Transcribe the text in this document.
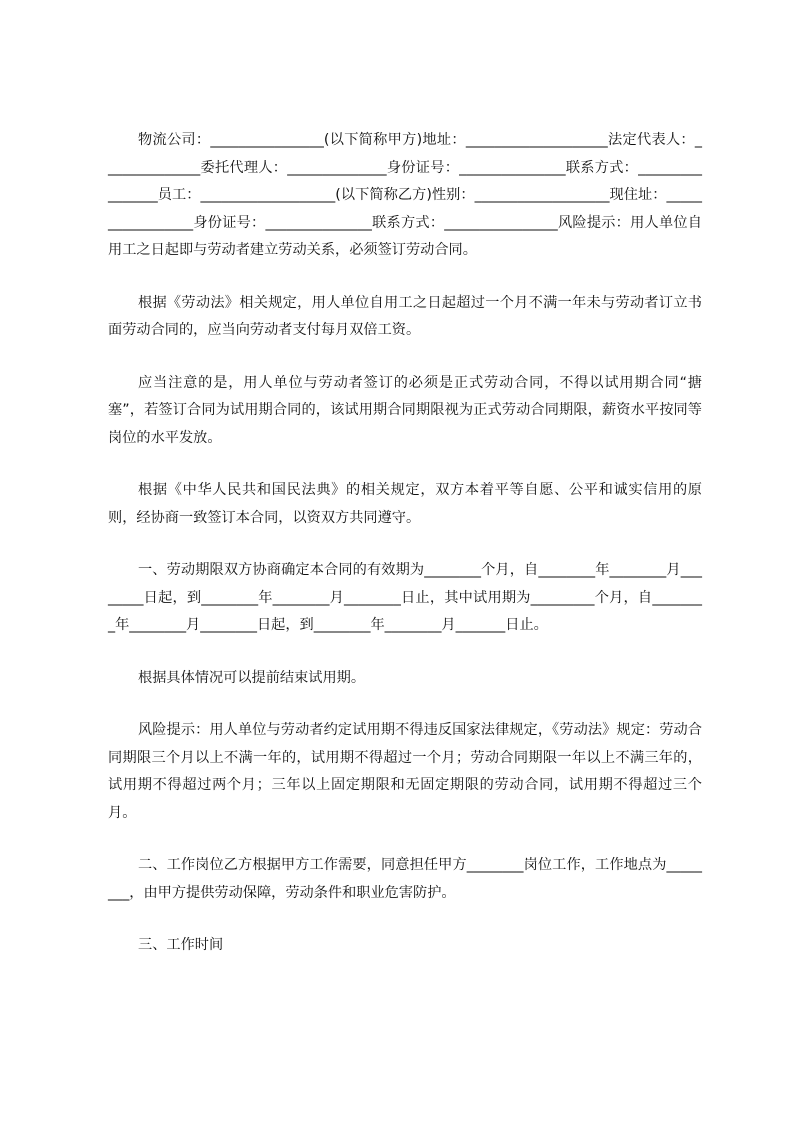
物流公司：________________(以下简称甲方)地址：____________________法定代表人：______________委托代理人：______________身份证号：_______________联系方式：________________员工：___________________(以下简称乙方)性别：___________________现住址：_________________身份证号：_______________联系方式：________________风险提示：用人单位自用工之日起即与劳动者建立劳动关系，必须签订劳动合同。

根据《劳动法》相关规定，用人单位自用工之日起超过一个月不满一年未与劳动者订立书面劳动合同的，应当向劳动者支付每月双倍工资。

应当注意的是，用人单位与劳动者签订的必须是正式劳动合同，不得以试用期合同“搪塞”，若签订合同为试用期合同的，该试用期合同期限视为正式劳动合同期限，薪资水平按同等岗位的水平发放。

根据《中华人民共和国民法典》的相关规定，双方本着平等自愿、公平和诚实信用的原则，经协商一致签订本合同，以资双方共同遵守。

一、劳动期限双方协商确定本合同的有效期为________个月，自________年________月________日起，到________年________月________日止，其中试用期为_________个月，自________年________月________日起，到________年________月_______日止。

根据具体情况可以提前结束试用期。

风险提示：用人单位与劳动者约定试用期不得违反国家法律规定，《劳动法》规定：劳动合同期限三个月以上不满一年的，试用期不得超过一个月；劳动合同期限一年以上不满三年的，试用期不得超过两个月；三年以上固定期限和无固定期限的劳动合同，试用期不得超过三个月。

二、工作岗位乙方根据甲方工作需要，同意担任甲方________岗位工作，工作地点为________，由甲方提供劳动保障，劳动条件和职业危害防护。

三、工作时间
